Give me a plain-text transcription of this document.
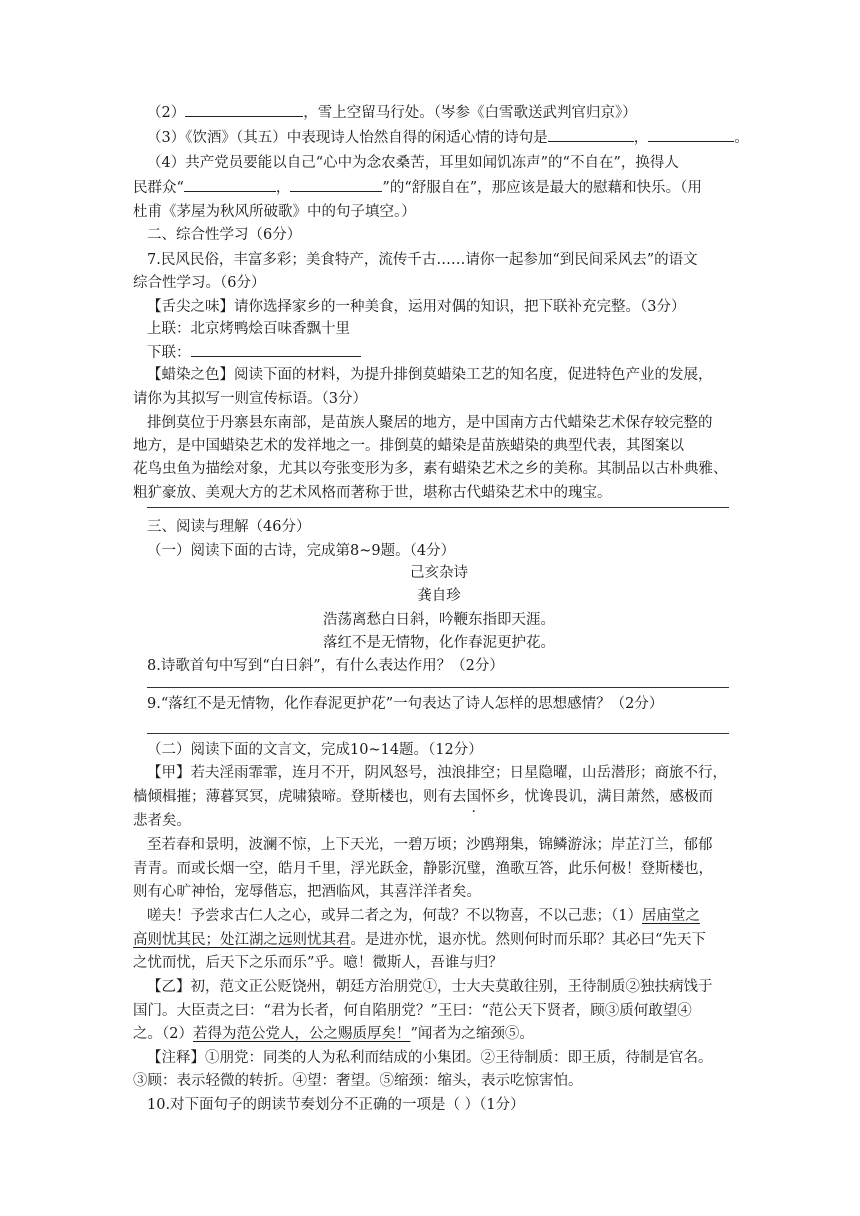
（2）	，雪上空留马行处。（岑参《白雪歌送武判官归京》）
（3）《饮酒》（其五）中表现诗人怡然自得的闲适心情的诗句是	，	。
（4）共产党员要能以自己“心中为念农桑苦，耳里如闻饥冻声”的“不自在”，换得人
民群众“	，	”的“舒服自在”，那应该是最大的慰藉和快乐。（用
杜甫《茅屋为秋风所破歌》中的句子填空。）
二、综合性学习（6分）
7.民风民俗，丰富多彩；美食特产，流传千古……请你一起参加“到民间采风去”的语文
综合性学习。（6分）
【舌尖之味】请你选择家乡的一种美食，运用对偶的知识，把下联补充完整。（3分）
上联：北京烤鸭烩百味香飘十里
下联：
【蜡染之色】阅读下面的材料，为提升排倒莫蜡染工艺的知名度，促进特色产业的发展，
请你为其拟写一则宣传标语。（3分）
排倒莫位于丹寨县东南部，是苗族人聚居的地方，是中国南方古代蜡染艺术保存较完整的
地方，是中国蜡染艺术的发祥地之一。排倒莫的蜡染是苗族蜡染的典型代表，其图案以
花鸟虫鱼为描绘对象，尤其以夸张变形为多，素有蜡染艺术之乡的美称。其制品以古朴典雅、
粗犷豪放、美观大方的艺术风格而著称于世，堪称古代蜡染艺术中的瑰宝。
三、阅读与理解（46分）
（一）阅读下面的古诗，完成第8~9题。（4分）
己亥杂诗
龚自珍
浩荡离愁白日斜，吟鞭东指即天涯。
落红不是无情物，化作春泥更护花。
8.诗歌首句中写到“白日斜”，有什么表达作用？（2分）
9.“落红不是无情物，化作春泥更护花”一句表达了诗人怎样的思想感情？（2分）
（二）阅读下面的文言文，完成10~14题。（12分）
【甲】若夫淫雨霏霏，连月不开，阴风怒号，浊浪排空；日星隐曜，山岳潜形；商旅不行，
樯倾楫摧；薄暮冥冥，虎啸猿啼。登斯楼也，则有去国怀乡，忧谗畏讥，满目萧然，感极而
悲者矣。
至若春和景明，波澜不惊，上下天光，一碧万顷；沙鸥翔集，锦鳞游泳；岸芷汀兰，郁郁
青青。而或长烟一空，皓月千里，浮光跃金，静影沉璧，渔歌互答，此乐何极！登斯楼也，
则有心旷神怡，宠辱偕忘，把酒临风，其喜洋洋者矣。
嗟夫！予尝求古仁人之心，或异二者之为，何哉？不以物喜，不以己悲；（1）居庙堂之
高则忧其民；处江湖之远则忧其君。是进亦忧，退亦忧。然则何时而乐耶？其必曰“先天下
之忧而忧，后天下之乐而乐”乎。噫！微斯人，吾谁与归？
【乙】初，范文正公贬饶州，朝廷方治朋党①，士大夫莫敢往别，王待制质②独扶病饯于
国门。大臣责之曰：“君为长者，何自陷朋党？”王曰：“范公天下贤者，顾③质何敢望④
之。（2）若得为范公党人，公之赐质厚矣！”闻者为之缩颈⑤。
【注释】①朋党：同类的人为私利而结成的小集团。②王待制质：即王质，待制是官名。
③顾：表示轻微的转折。④望：奢望。⑤缩颈：缩头，表示吃惊害怕。
10.对下面句子的朗读节奏划分不正确的一项是（ ）（1分）
